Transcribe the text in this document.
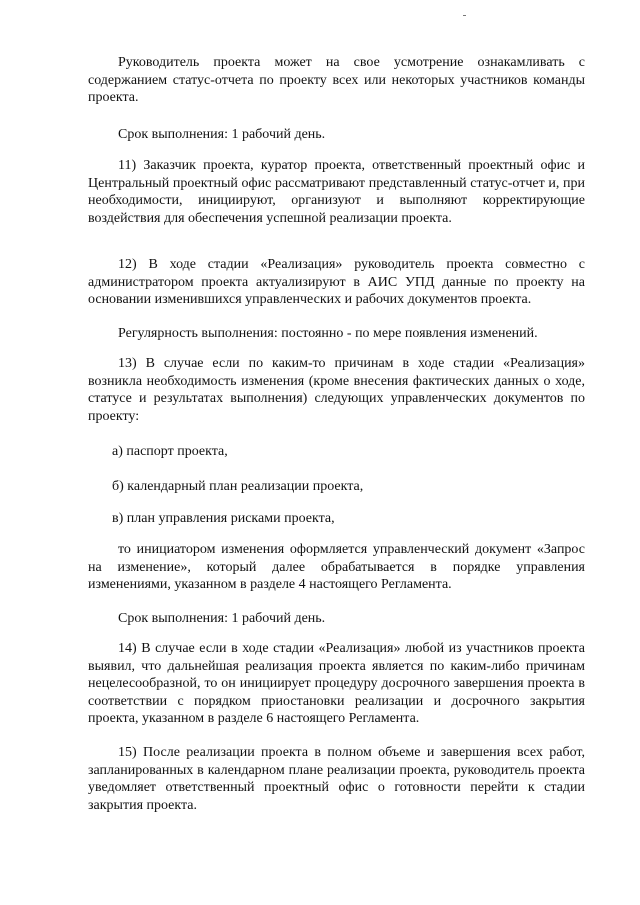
Руководитель проекта может на свое усмотрение ознакамливать с содержанием статус-отчета по проекту всех или некоторых участников команды проекта.

Срок выполнения: 1 рабочий день.

11) Заказчик проекта, куратор проекта, ответственный проектный офис и Центральный проектный офис рассматривают представленный статус-отчет и, при необходимости, инициируют, организуют и выполняют корректирующие воздействия для обеспечения успешной реализации проекта.

12) В ходе стадии «Реализация» руководитель проекта совместно с администратором проекта актуализируют в АИС УПД данные по проекту на основании изменившихся управленческих и рабочих документов проекта.

Регулярность выполнения: постоянно - по мере появления изменений.

13) В случае если по каким-то причинам в ходе стадии «Реализация» возникла необходимость изменения (кроме внесения фактических данных о ходе, статусе и результатах выполнения) следующих управленческих документов по проекту:

а) паспорт проекта,

б) календарный план реализации проекта,

в) план управления рисками проекта,

то инициатором изменения оформляется управленческий документ «Запрос на изменение», который далее обрабатывается в порядке управления изменениями, указанном в разделе 4 настоящего Регламента.

Срок выполнения: 1 рабочий день.

14) В случае если в ходе стадии «Реализация» любой из участников проекта выявил, что дальнейшая реализация проекта является по каким-либо причинам нецелесообразной, то он инициирует процедуру досрочного завершения проекта в соответствии с порядком приостановки реализации и досрочного закрытия проекта, указанном в разделе 6 настоящего Регламента.

15) После реализации проекта в полном объеме и завершения всех работ, запланированных в календарном плане реализации проекта, руководитель проекта уведомляет ответственный проектный офис о готовности перейти к стадии закрытия проекта.
